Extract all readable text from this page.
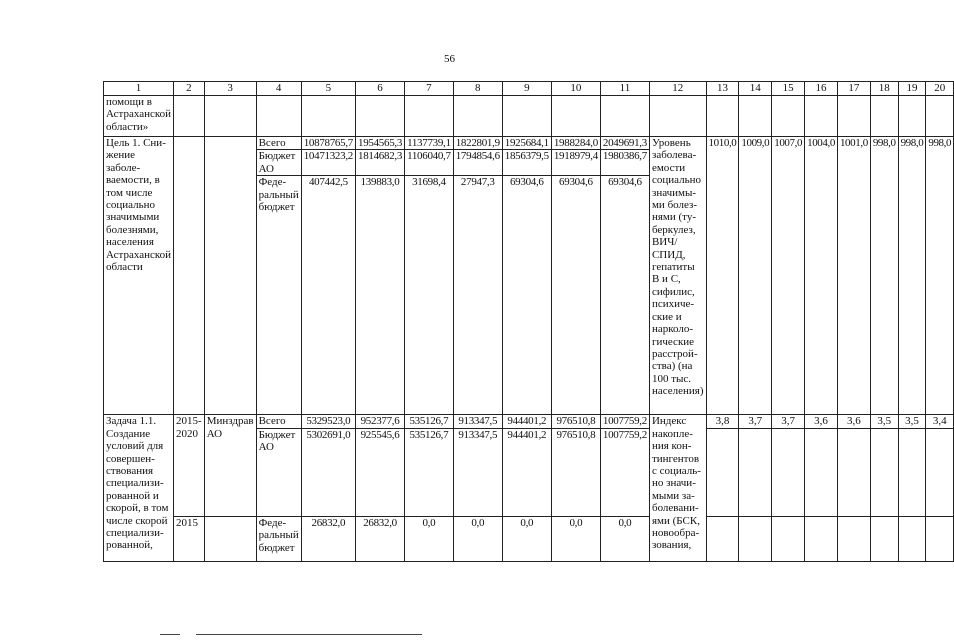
56
1	2	3	4	5	6	7	8	9	10	11	12	13	14	15	16	17	18	19	20
помощи в Астраханской области»																			
Цель 1. Сни-жение заболе-ваемости, в том числе социально значимыми болезнями, населения Астраханской области			Всего	10878765,7	1954565,3	1137739,1	1822801,9	1925684,1	1988284,0	2049691,3	Уровень заболева-емости социально значимы-ми болез-нями (ту-беркулез, ВИЧ/ СПИД, гепатиты В и С, сифилис, психиче-ские и нарколо-гические расстрой-ства) (на 100 тыс. населения)	1010,0	1009,0	1007,0	1004,0	1001,0	998,0	998,0	998,0
			Бюджет АО	10471323,2	1814682,3	1106040,7	1794854,6	1856379,5	1918979,4	1980386,7									
			Феде-ральный бюджет	407442,5	139883,0	31698,4	27947,3	69304,6	69304,6	69304,6									
Задача 1.1. Создание условий для совершен-ствования специализи-рованной и скорой, в том числе скорой специализи-рованной,	2015-2020	Минздрав АО	Всего	5329523,0	952377,6	535126,7	913347,5	944401,2	976510,8	1007759,2	Индекс накопле-ния кон-тингентов с социаль-но значи-мыми за-болевани-ями (БСК, новообра-зования,	3,8	3,7	3,7	3,6	3,6	3,5	3,5	3,4
			Бюджет АО	5302691,0	925545,6	535126,7	913347,5	944401,2	976510,8	1007759,2									
	2015		Феде-ральный бюджет	26832,0	26832,0	0,0	0,0	0,0	0,0	0,0									
